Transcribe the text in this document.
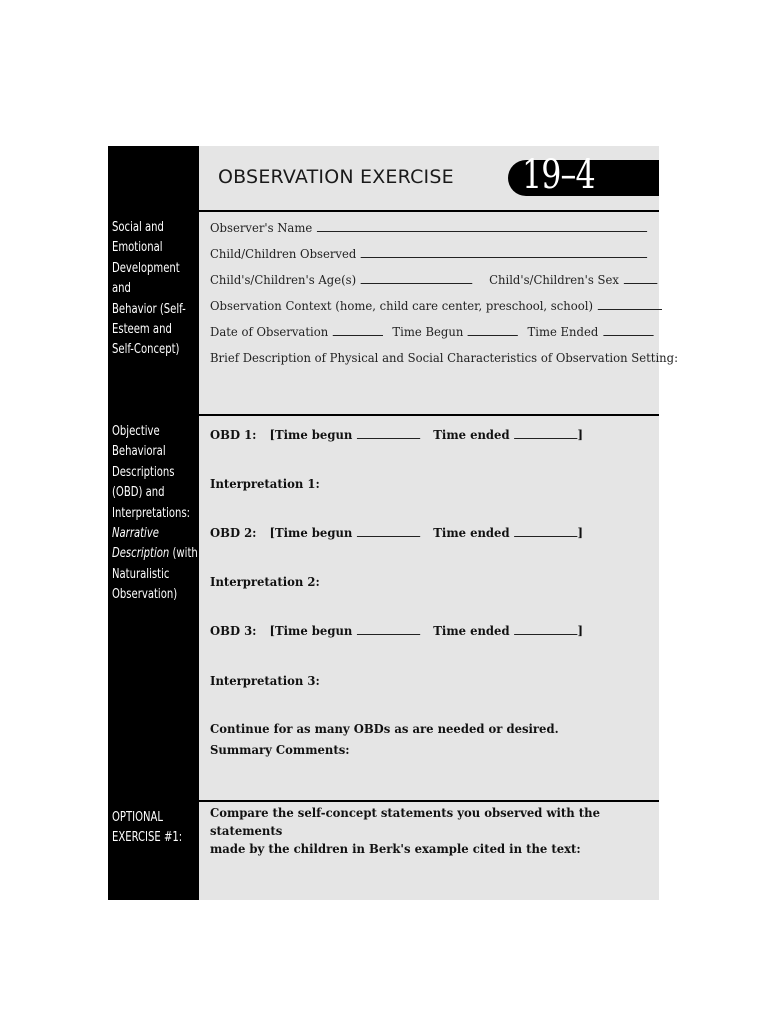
OBSERVATION EXERCISE 19–4
Social and
Emotional
Development and
Behavior (Self-
Esteem and
Self-Concept)
Observer's Name
Child/Children Observed
Child's/Children's Age(s)	Child's/Children's Sex
Observation Context (home, child care center, preschool, school)
Date of Observation	Time Begun	Time Ended
Brief Description of Physical and Social Characteristics of Observation Setting:
Objective
Behavioral
Descriptions
(OBD) and
Interpretations:
Narrative
Description (with
Naturalistic
Observation)
OBD 1: [Time begun	Time ended	]
Interpretation 1:
OBD 2: [Time begun	Time ended	]
Interpretation 2:
OBD 3: [Time begun	Time ended	]
Interpretation 3:
Continue for as many OBDs as are needed or desired.
Summary Comments:
OPTIONAL
EXERCISE #1:
Compare the self-concept statements you observed with the statements
made by the children in Berk's example cited in the text:
